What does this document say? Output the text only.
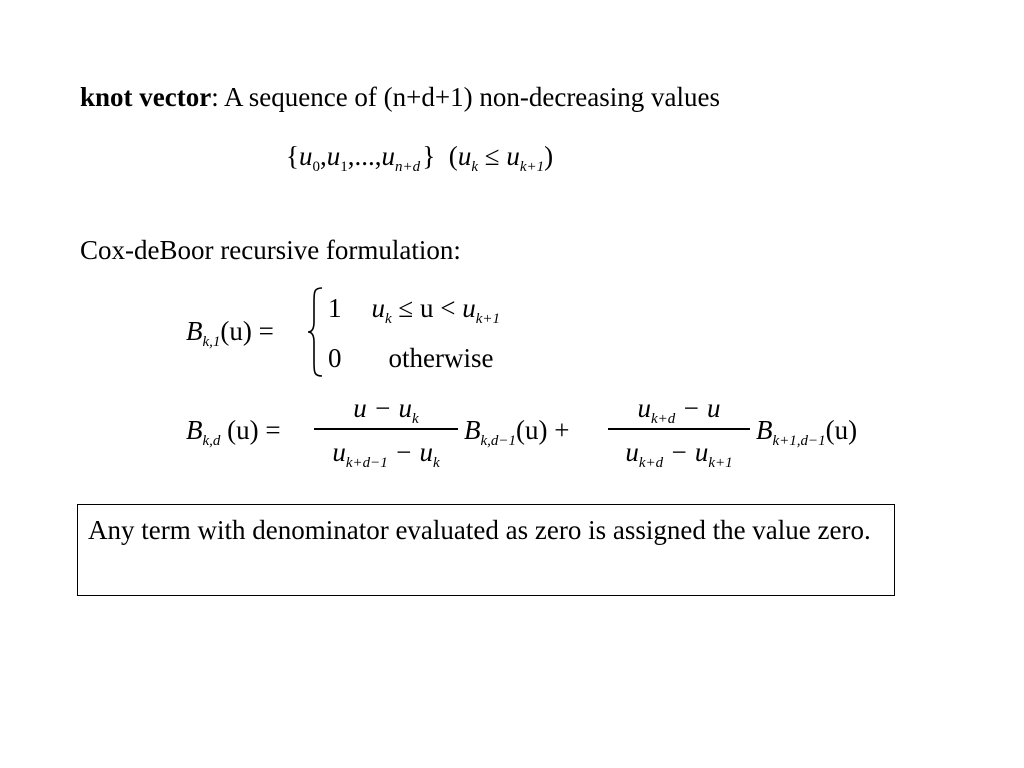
knot vector: A sequence of (n+d+1) non-decreasing values
{$u_0,u_1,...,u_{n+d}$ }  $(u_k \le u_{k+1})$
Cox-deBoor recursive formulation:
$B_{k,1}(u)$ =
1 $u_k \le u < u_{k+1}$
0 otherwise
$B_{k,d}$ (u) =
$u - u_k$
$u_{k+d-1} - u_k$
$B_{k,d-1}(u)$ +
$u_{k+d} - u$
$u_{k+d} - u_{k+1}$
$B_{k+1,d-1}(u)$
Any term with denominator evaluated as zero is assigned the value zero.
